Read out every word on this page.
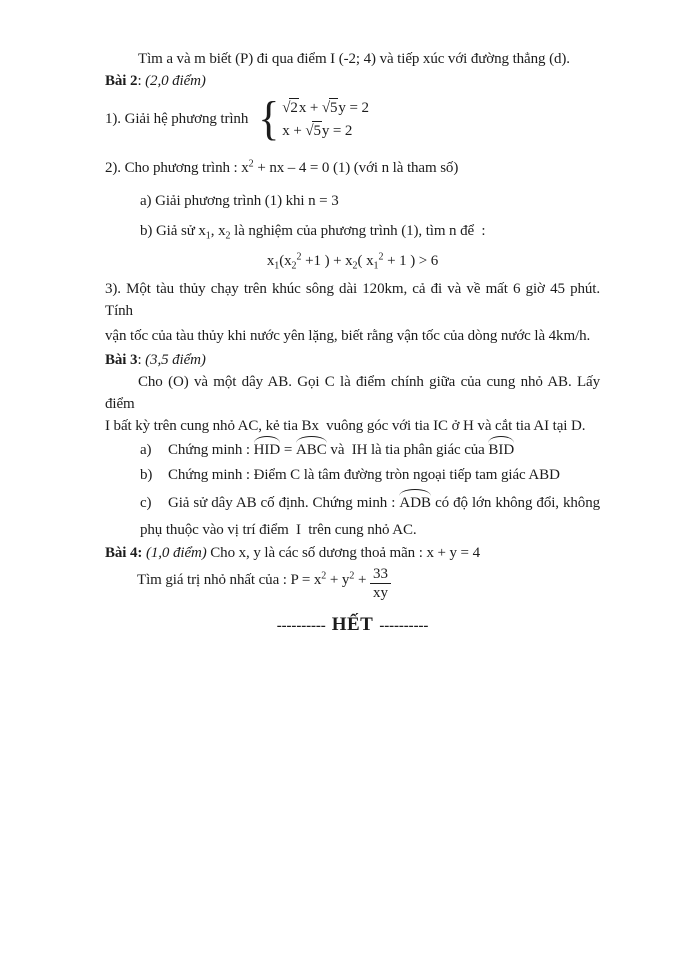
Tìm a và m biết (P) đi qua điểm I (-2; 4) và tiếp xúc với đường thẳng (d).

Bài 2: (2,0 điểm)

1). Giải hệ phương trình { √2x + √5y = 2
x + √5y = 2

2). Cho phương trình : $x^2$ + nx – 4 = 0 (1) (với n là tham số)

a) Giải phương trình (1) khi n = 3

b) Giả sử $x_1$, $x_2$ là nghiệm của phương trình (1), tìm n để  :

$x_1(x_2^2 +1$ ) + $x_2$( $x_1^2 + 1$ ) > 6

3). Một tàu thủy chạy trên khúc sông dài 120km, cả đi và về mất 6 giờ 45 phút. Tính

vận tốc của tàu thủy khi nước yên lặng, biết rằng vận tốc của dòng nước là 4km/h.

Bài 3: (3,5 điểm)

Cho (O) và một dây AB. Gọi C là điểm chính giữa của cung nhỏ AB. Lấy điểm

I bất kỳ trên cung nhỏ AC, kẻ tia Bx  vuông góc với tia IC ở H và cắt tia AI tại D.

a) Chứng minh : HID = ABC và  IH là tia phân giác của BID

b) Chứng minh : Điểm C là tâm đường tròn ngoại tiếp tam giác ABD

c) Giả sử dây AB cố định. Chứng minh : ADB có độ lớn không đổi, không

phụ thuộc vào vị trí điểm  I  trên cung nhỏ AC.

Bài 4: (1,0 điểm) Cho x, y là các số dương thoả mãn : x + y = 4

Tìm giá trị nhỏ nhất của : $P = x^2 + y^2 + \frac{33}{xy}$

---------- HẾT ----------
